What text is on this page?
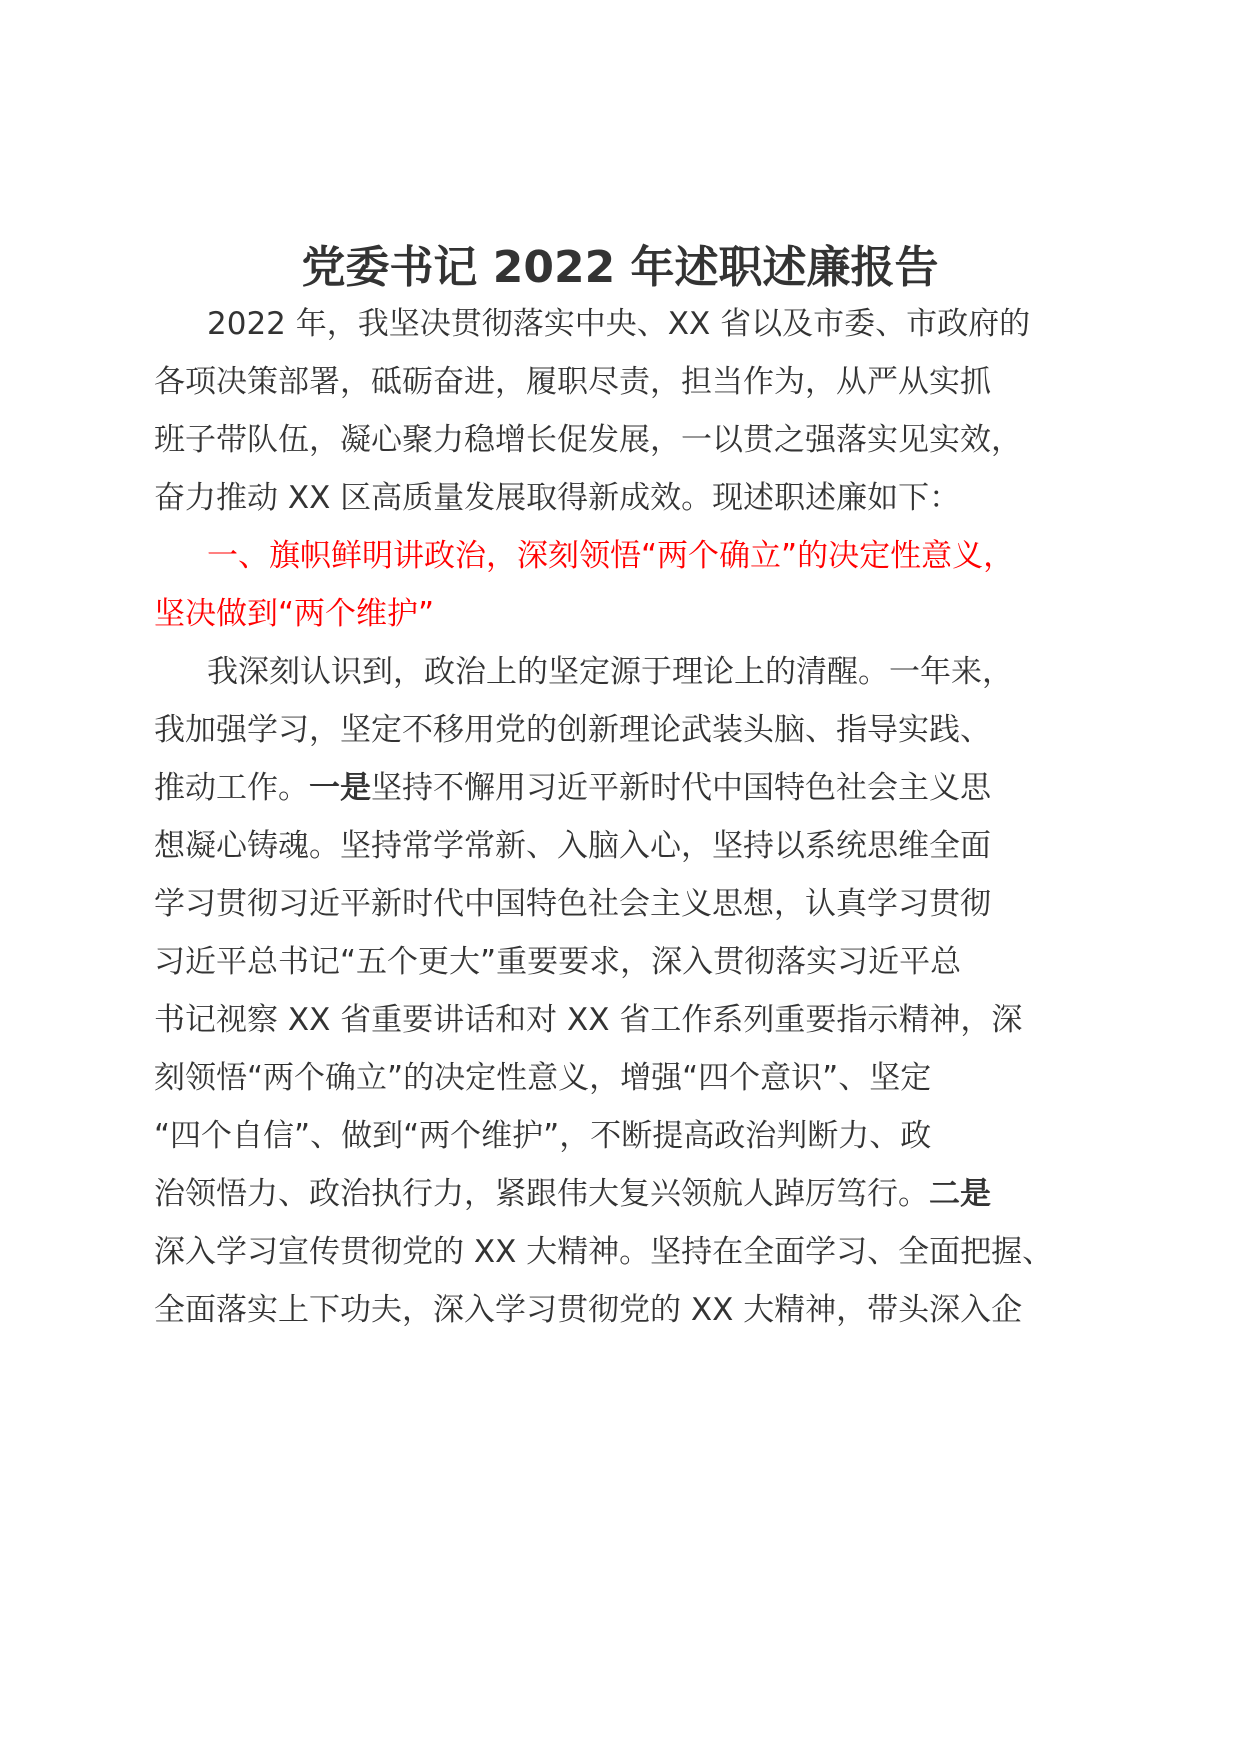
党委书记 2022 年述职述廉报告
2022 年，我坚决贯彻落实中央、XX 省以及市委、市政府的
各项决策部署，砥砺奋进，履职尽责，担当作为，从严从实抓
班子带队伍，凝心聚力稳增长促发展，一以贯之强落实见实效，
奋力推动 XX 区高质量发展取得新成效。现述职述廉如下：
一、旗帜鲜明讲政治，深刻领悟“两个确立”的决定性意义，
坚决做到“两个维护”
我深刻认识到，政治上的坚定源于理论上的清醒。一年来，
我加强学习，坚定不移用党的创新理论武装头脑、指导实践、
推动工作。一是坚持不懈用习近平新时代中国特色社会主义思
想凝心铸魂。坚持常学常新、入脑入心，坚持以系统思维全面
学习贯彻习近平新时代中国特色社会主义思想，认真学习贯彻
习近平总书记“五个更大”重要要求，深入贯彻落实习近平总
书记视察 XX 省重要讲话和对 XX 省工作系列重要指示精神，深
刻领悟“两个确立”的决定性意义，增强“四个意识”、坚定
“四个自信”、做到“两个维护”，不断提高政治判断力、政
治领悟力、政治执行力，紧跟伟大复兴领航人踔厉笃行。二是
深入学习宣传贯彻党的 XX 大精神。坚持在全面学习、全面把握、
全面落实上下功夫，深入学习贯彻党的 XX 大精神，带头深入企
